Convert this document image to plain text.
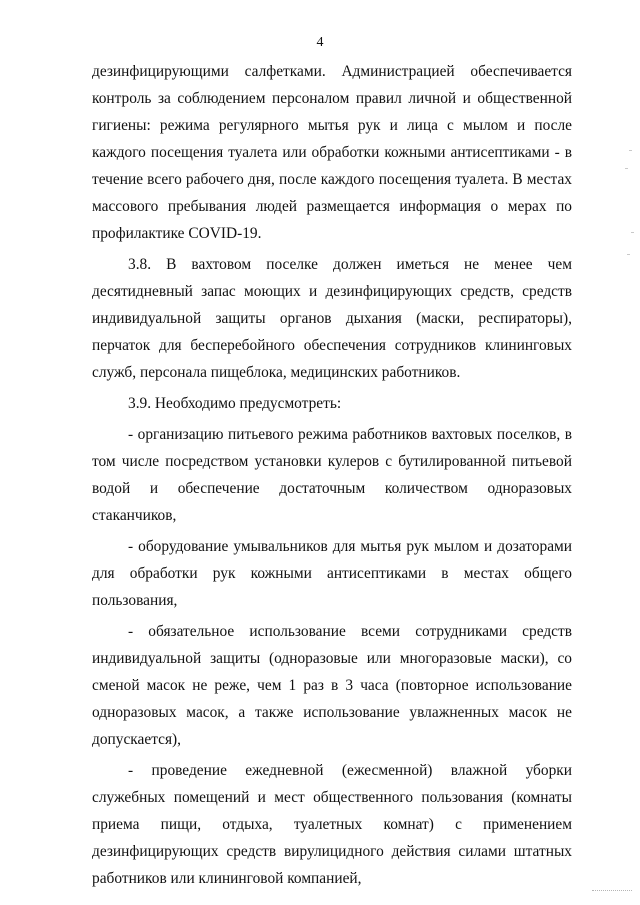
4

дезинфицирующими салфетками. Администрацией обеспечивается контроль за соблюдением персоналом правил личной и общественной гигиены: режима регулярного мытья рук и лица с мылом и после каждого посещения туалета или обработки кожными антисептиками - в течение всего рабочего дня, после каждого посещения туалета. В местах массового пребывания людей размещается информация о мерах по профилактике COVID-19.

3.8. В вахтовом поселке должен иметься не менее чем десятидневный запас моющих и дезинфицирующих средств, средств индивидуальной защиты органов дыхания (маски, респираторы), перчаток для бесперебойного обеспечения сотрудников клининговых служб, персонала пищеблока, медицинских работников.

3.9. Необходимо предусмотреть:

- организацию питьевого режима работников вахтовых поселков, в том числе посредством установки кулеров с бутилированной питьевой водой и обеспечение достаточным количеством одноразовых стаканчиков,

- оборудование умывальников для мытья рук мылом и дозаторами для обработки рук кожными антисептиками в местах общего пользования,

- обязательное использование всеми сотрудниками средств индивидуальной защиты (одноразовые или многоразовые маски), со сменой масок не реже, чем 1 раз в 3 часа (повторное использование одноразовых масок, а также использование увлажненных масок не допускается),

- проведение ежедневной (ежесменной) влажной уборки служебных помещений и мест общественного пользования (комнаты приема пищи, отдыха, туалетных комнат) с применением дезинфицирующих средств вирулицидного действия силами штатных работников или клининговой компанией,
